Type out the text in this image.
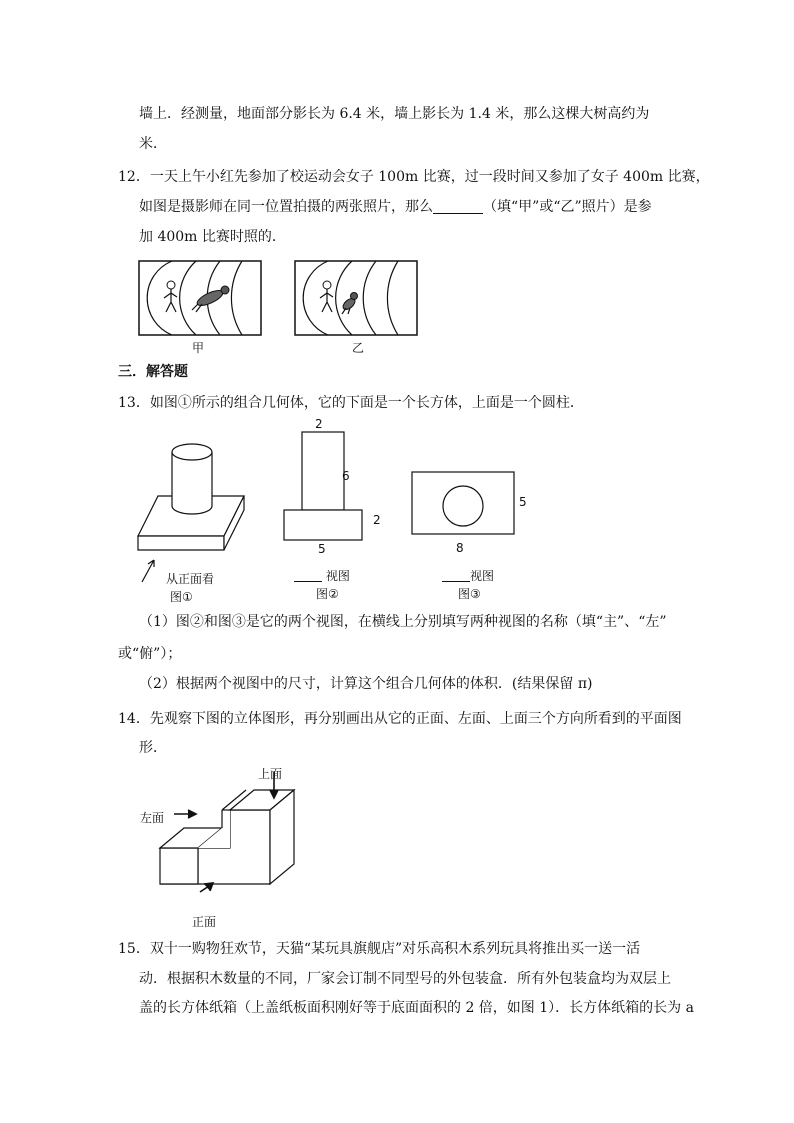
墙上．经测量，地面部分影长为 6.4 米，墙上影长为 1.4 米，那么这棵大树高约为
米．
12．一天上午小红先参加了校运动会女子 100m 比赛，过一段时间又参加了女子 400m 比赛，
如图是摄影师在同一位置拍摄的两张照片，那么	（填“甲”或“乙”照片）是参
加 400m 比赛时照的．
甲	乙
三．解答题
13．如图①所示的组合几何体，它的下面是一个长方体，上面是一个圆柱．
从正面看
图①
2
6
2
5
视图
图②
5
8
视图
图③
（1）图②和图③是它的两个视图，在横线上分别填写两种视图的名称（填“主”、“左”
或“俯”）；
（2）根据两个视图中的尺寸，计算这个组合几何体的体积．(结果保留 π)
14．先观察下图的立体图形，再分别画出从它的正面、左面、上面三个方向所看到的平面图
形．
上面
左面
正面
15．双十一购物狂欢节，天猫“某玩具旗舰店”对乐高积木系列玩具将推出买一送一活
动．根据积木数量的不同，厂家会订制不同型号的外包装盒．所有外包装盒均为双层上
盖的长方体纸箱（上盖纸板面积刚好等于底面面积的 2 倍，如图 1）．长方体纸箱的长为 a
